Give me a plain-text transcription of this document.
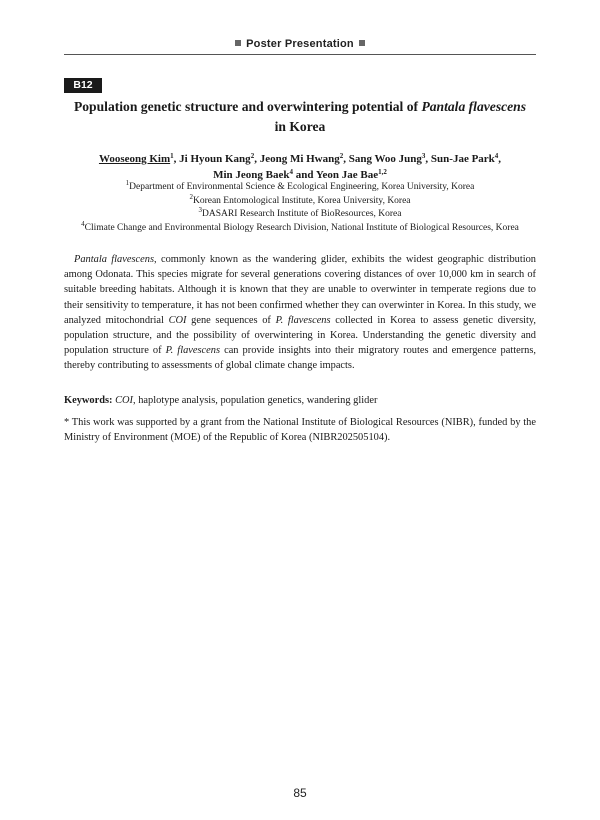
Poster Presentation
B12
Population genetic structure and overwintering potential of Pantala flavescens
in Korea
Wooseong Kim$^1$, Ji Hyoun Kang$^2$, Jeong Mi Hwang$^2$, Sang Woo Jung$^3$, Sun-Jae Park$^4$,
Min Jeong Baek$^4$ and Yeon Jae Bae$^{1,2}$
$^1$Department of Environmental Science & Ecological Engineering, Korea University, Korea
$^2$Korean Entomological Institute, Korea University, Korea
$^3$DASARI Research Institute of BioResources, Korea
$^4$Climate Change and Environmental Biology Research Division, National Institute of Biological Resources, Korea
Pantala flavescens, commonly known as the wandering glider, exhibits the widest geographic distribution among Odonata. This species migrate for several generations covering distances of over 10,000 km in search of suitable breeding habitats. Although it is known that they are unable to overwinter in temperate regions due to their sensitivity to temperature, it has not been confirmed whether they can overwinter in Korea. In this study, we analyzed mitochondrial COI gene sequences of P. flavescens collected in Korea to assess genetic diversity, population structure, and the possibility of overwintering in Korea. Understanding the genetic diversity and population structure of P. flavescens can provide insights into their migratory routes and emergence patterns, thereby contributing to assessments of global climate change impacts.
Keywords: COI, haplotype analysis, population genetics, wandering glider
* This work was supported by a grant from the National Institute of Biological Resources (NIBR), funded by the Ministry of Environment (MOE) of the Republic of Korea (NIBR202505104).
85
